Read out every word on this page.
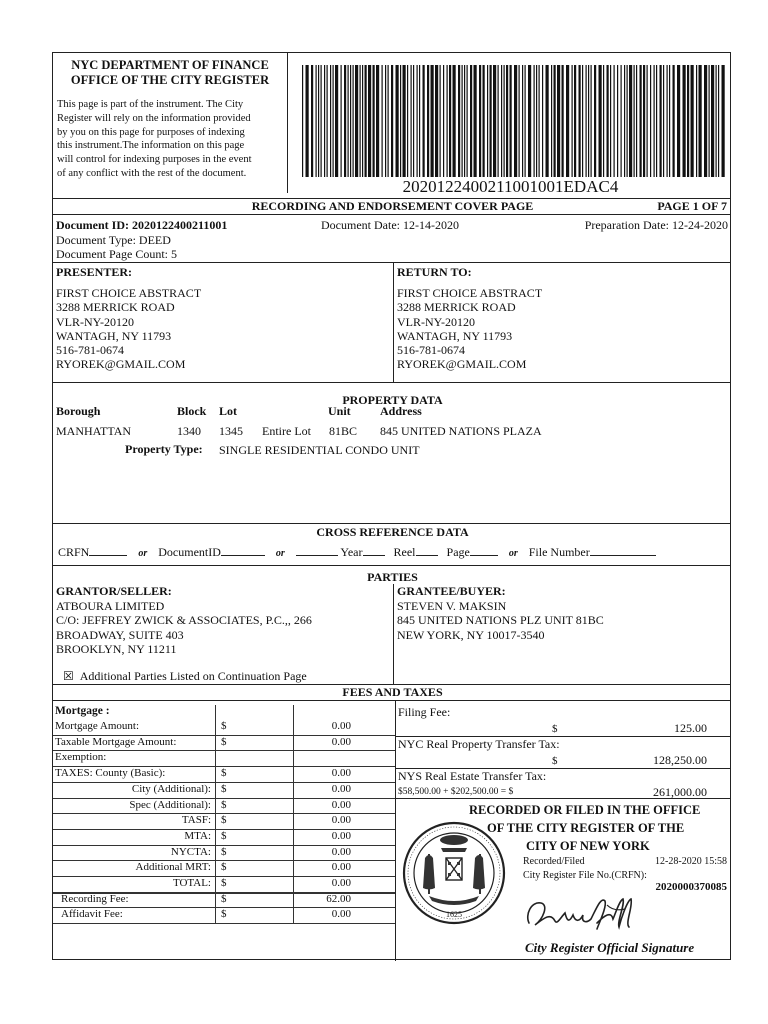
NYC DEPARTMENT OF FINANCE
OFFICE OF THE CITY REGISTER
This page is part of the instrument. The City
Register will rely on the information provided
by you on this page for purposes of indexing
this instrument.The information on this page
will control for indexing purposes in the event
of any conflict with the rest of the document.
2020122400211001001EDAC4
RECORDING AND ENDORSEMENT COVER PAGE	PAGE 1 OF 7
Document ID: 2020122400211001	Document Date: 12-14-2020	Preparation Date: 12-24-2020
Document Type: DEED
Document Page Count: 5
PRESENTER:
FIRST CHOICE ABSTRACT
3288 MERRICK ROAD
VLR-NY-20120
WANTAGH, NY 11793
516-781-0674
RYOREK@GMAIL.COM
RETURN TO:
FIRST CHOICE ABSTRACT
3288 MERRICK ROAD
VLR-NY-20120
WANTAGH, NY 11793
516-781-0674
RYOREK@GMAIL.COM
PROPERTY DATA
Borough	Block Lot	Unit Address
MANHATTAN	1340 1345 Entire Lot 81BC 845 UNITED NATIONS PLAZA
Property Type: SINGLE RESIDENTIAL CONDO UNIT
CROSS REFERENCE DATA
CRFN	or DocumentID	or	Year	Reel	Page	or File Number
PARTIES
GRANTOR/SELLER:
ATBOURA LIMITED
C/O: JEFFREY ZWICK & ASSOCIATES, P.C.,, 266
BROADWAY, SUITE 403
BROOKLYN, NY 11211
GRANTEE/BUYER:
STEVEN V. MAKSIN
845 UNITED NATIONS PLZ UNIT 81BC
NEW YORK, NY 10017-3540
☒ Additional Parties Listed on Continuation Page
FEES AND TAXES
Mortgage :
Mortgage Amount:	$	0.00
Taxable Mortgage Amount:	$	0.00
Exemption:
TAXES: County (Basic):	$	0.00
City (Additional): $	0.00
Spec (Additional): $	0.00
TASF: $	0.00
MTA: $	0.00
NYCTA: $	0.00
Additional MRT: $	0.00
TOTAL: $	0.00
Recording Fee:	$	62.00
Affidavit Fee:	$	0.00
Filing Fee:
$	125.00
NYC Real Property Transfer Tax:
$	128,250.00
NYS Real Estate Transfer Tax:
$58,500.00 + $202,500.00 = $	261,000.00
RECORDED OR FILED IN THE OFFICE
OF THE CITY REGISTER OF THE
CITY OF NEW YORK
Recorded/Filed	12-28-2020 15:58
City Register File No.(CRFN):
2020000370085
1625
City Register Official Signature
